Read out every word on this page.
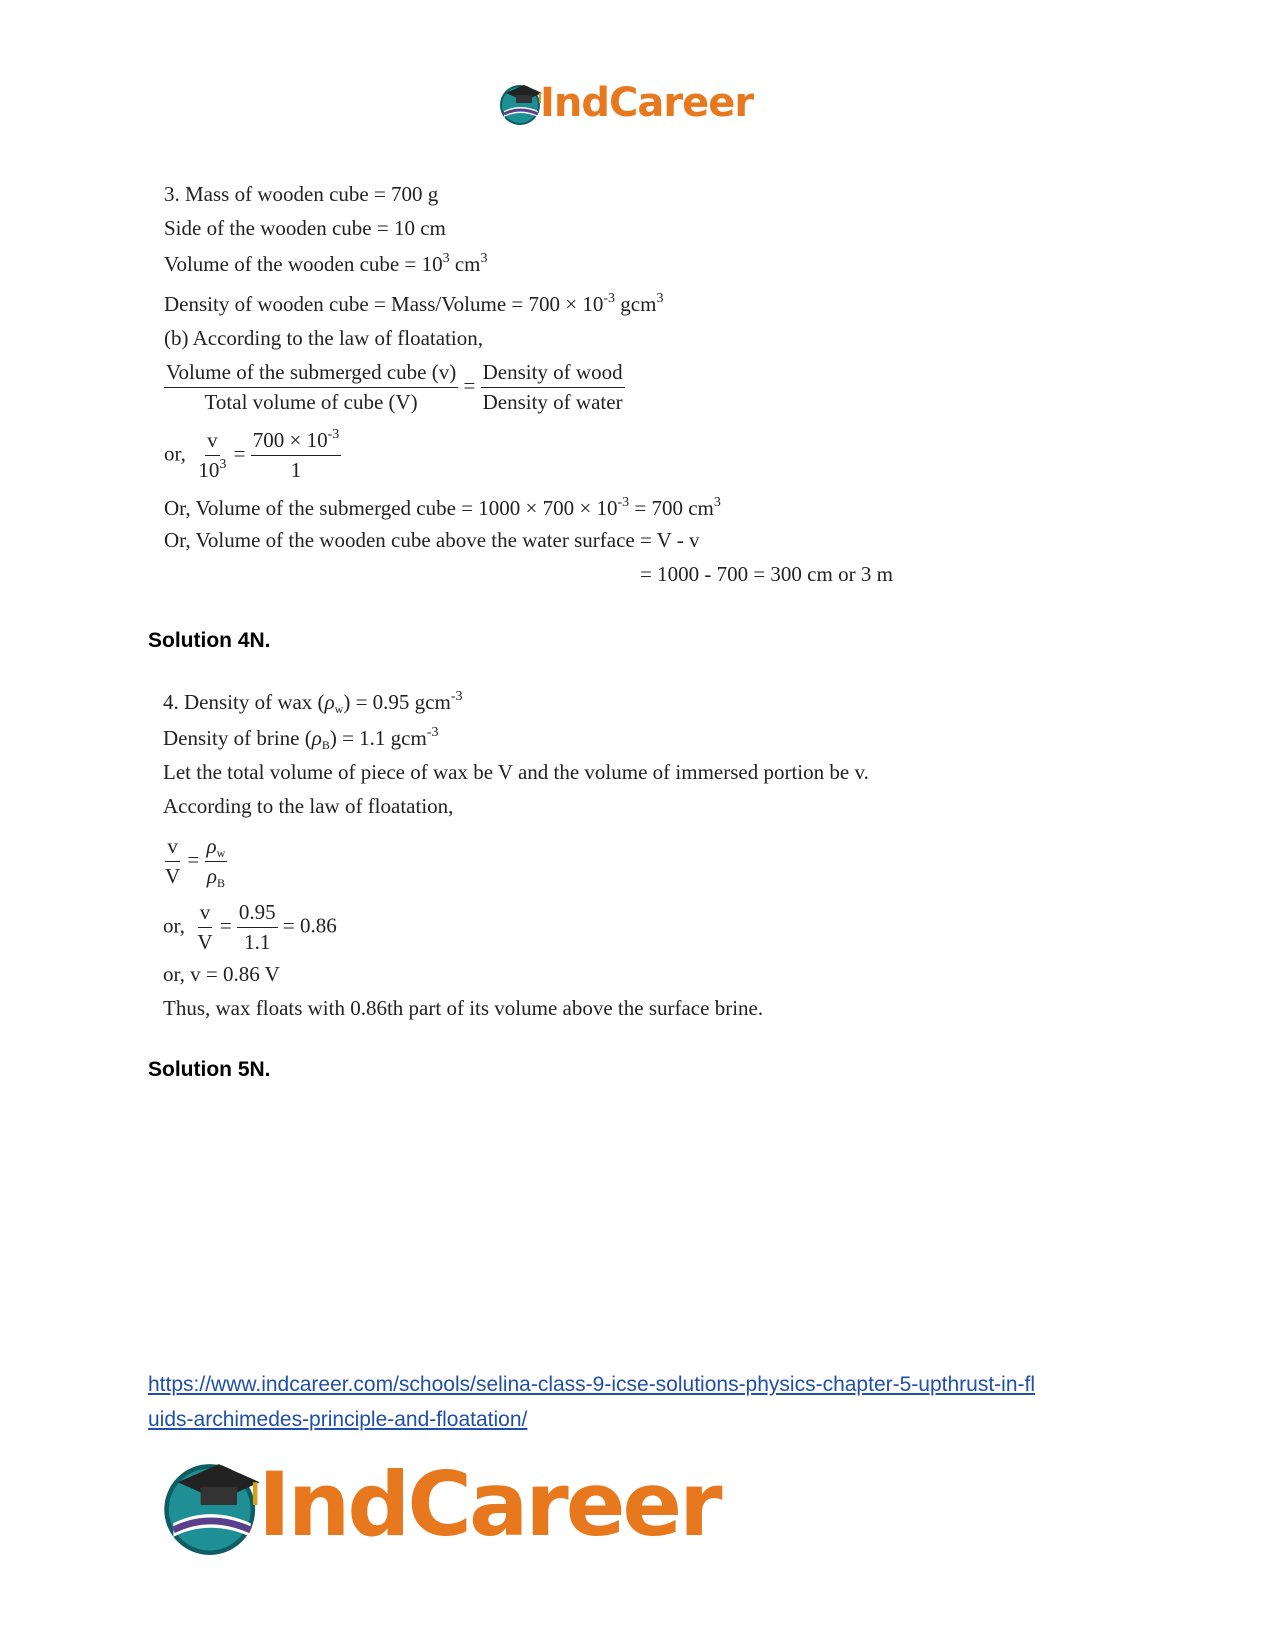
IndCareer
3. Mass of wooden cube = 700 g
Side of the wooden cube = 10 cm
Volume of the wooden cube = $10^3$ $cm^3$
Density of wooden cube = Mass/Volume = $700 \times 10^{-3}$ gcm$^3$
(b) According to the law of floatation,
$\frac{\text{Volume of the submerged cube (v)}}{\text{Total volume of cube (V)}} = \frac{\text{Density of wood}}{\text{Density of water}}$
or, $\frac{v}{10^3} = \frac{700 \times 10^{-3}}{1}$
Or, Volume of the submerged cube = $1000 \times 700 \times 10^{-3} = 700$ $cm^3$
Or, Volume of the wooden cube above the water surface = V - v
= 1000 - 700 = 300 cm or 3 m
Solution 4N.
4. Density of wax $(\rho_w) = 0.95$ gcm$^{-3}$
Density of brine $(\rho_B) = 1.1$ gcm$^{-3}$
Let the total volume of piece of wax be V and the volume of immersed portion be v.
According to the law of floatation,
$\frac{v}{V} = \frac{\rho_w}{\rho_B}$
or, $\frac{v}{V} = \frac{0.95}{1.1} = 0.86$
or, v = 0.86 V
Thus, wax floats with 0.86th part of its volume above the surface brine.
Solution 5N.
https://www.indcareer.com/schools/selina-class-9-icse-solutions-physics-chapter-5-upthrust-in-fl
uids-archimedes-principle-and-floatation/
IndCareer
